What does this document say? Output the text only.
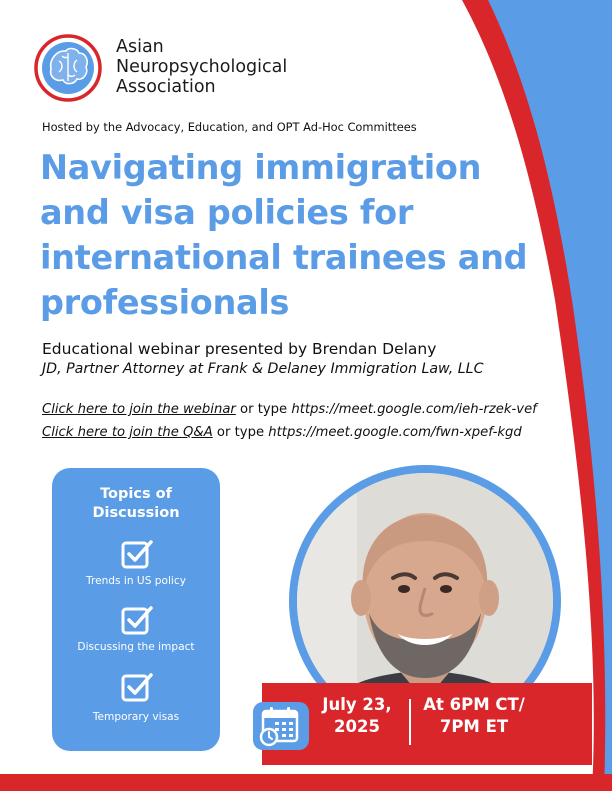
Asian
Neuropsychological
Association
Hosted by the Advocacy, Education, and OPT Ad-Hoc Committees
Navigating immigration and visa policies for international trainees and professionals
Educational webinar presented by Brendan Delany
JD, Partner Attorney at Frank & Delaney Immigration Law, LLC
Click here to join the webinar or type https://meet.google.com/ieh-rzek-vef
Click here to join the Q&A or type https://meet.google.com/fwn-xpef-kgd
Topics of
Discussion
Trends in US policy
Discussing the impact
Temporary visas
July 23,
2025
At 6PM CT/
7PM ET
